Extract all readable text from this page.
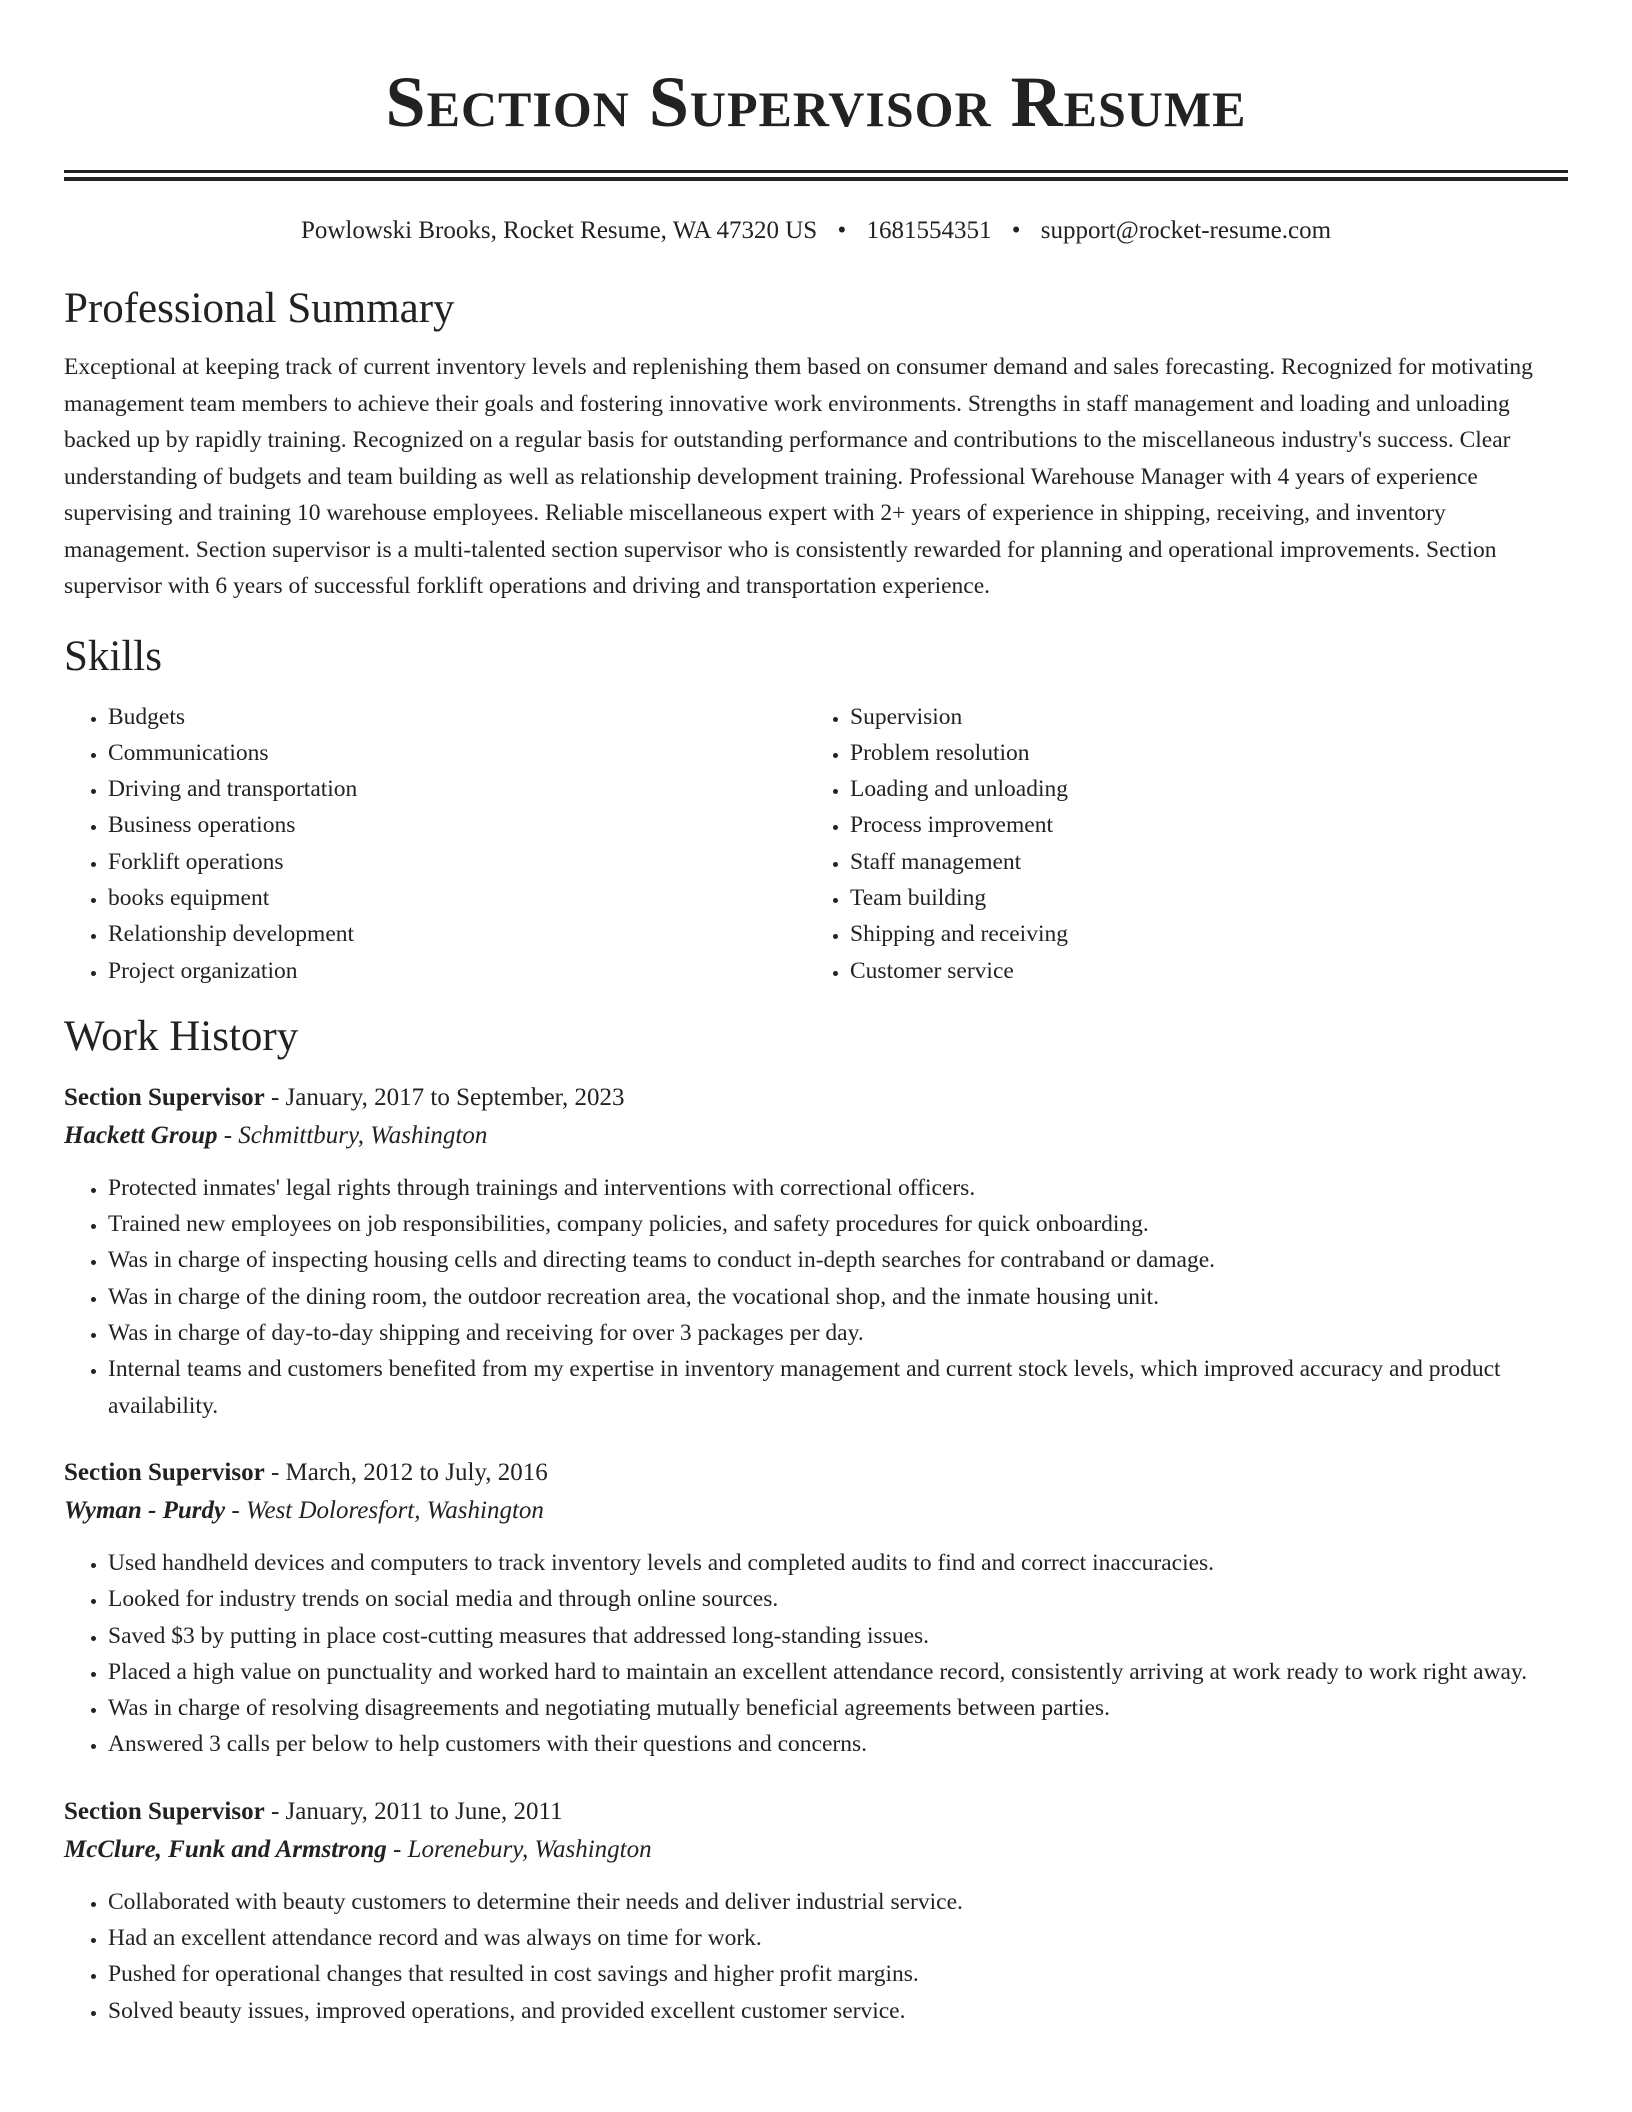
Section Supervisor Resume
Powlowski Brooks, Rocket Resume, WA 47320 US • 1681554351 • support@rocket-resume.com
Professional Summary
Exceptional at keeping track of current inventory levels and replenishing them based on consumer demand and sales forecasting. Recognized for motivating management team members to achieve their goals and fostering innovative work environments. Strengths in staff management and loading and unloading backed up by rapidly training. Recognized on a regular basis for outstanding performance and contributions to the miscellaneous industry's success. Clear understanding of budgets and team building as well as relationship development training. Professional Warehouse Manager with 4 years of experience supervising and training 10 warehouse employees. Reliable miscellaneous expert with 2+ years of experience in shipping, receiving, and inventory management. Section supervisor is a multi-talented section supervisor who is consistently rewarded for planning and operational improvements. Section supervisor with 6 years of successful forklift operations and driving and transportation experience.
Skills
• Budgets
• Communications
• Driving and transportation
• Business operations
• Forklift operations
• books equipment
• Relationship development
• Project organization
• Supervision
• Problem resolution
• Loading and unloading
• Process improvement
• Staff management
• Team building
• Shipping and receiving
• Customer service
Work History
Section Supervisor - January, 2017 to September, 2023
Hackett Group - Schmittbury, Washington
• Protected inmates' legal rights through trainings and interventions with correctional officers.
• Trained new employees on job responsibilities, company policies, and safety procedures for quick onboarding.
• Was in charge of inspecting housing cells and directing teams to conduct in-depth searches for contraband or damage.
• Was in charge of the dining room, the outdoor recreation area, the vocational shop, and the inmate housing unit.
• Was in charge of day-to-day shipping and receiving for over 3 packages per day.
• Internal teams and customers benefited from my expertise in inventory management and current stock levels, which improved accuracy and product availability.
Section Supervisor - March, 2012 to July, 2016
Wyman - Purdy - West Doloresfort, Washington
• Used handheld devices and computers to track inventory levels and completed audits to find and correct inaccuracies.
• Looked for industry trends on social media and through online sources.
• Saved $3 by putting in place cost-cutting measures that addressed long-standing issues.
• Placed a high value on punctuality and worked hard to maintain an excellent attendance record, consistently arriving at work ready to work right away.
• Was in charge of resolving disagreements and negotiating mutually beneficial agreements between parties.
• Answered 3 calls per below to help customers with their questions and concerns.
Section Supervisor - January, 2011 to June, 2011
McClure, Funk and Armstrong - Lorenebury, Washington
• Collaborated with beauty customers to determine their needs and deliver industrial service.
• Had an excellent attendance record and was always on time for work.
• Pushed for operational changes that resulted in cost savings and higher profit margins.
• Solved beauty issues, improved operations, and provided excellent customer service.
